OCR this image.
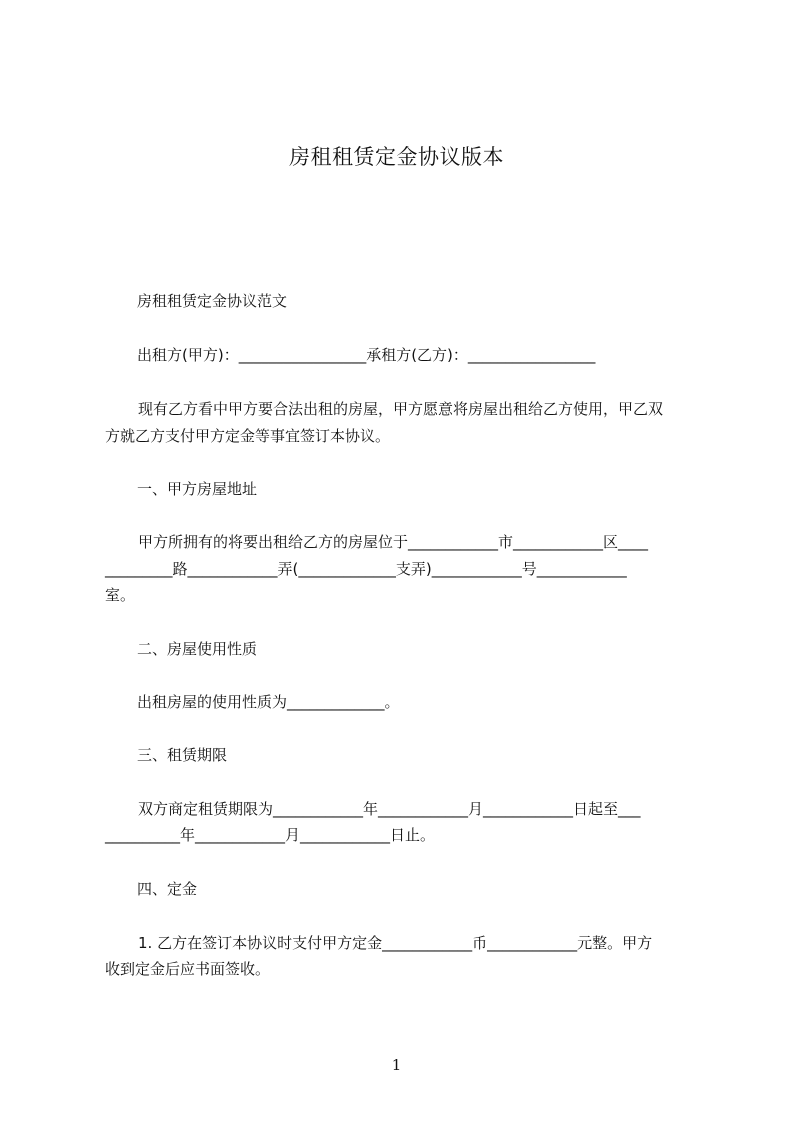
房租租赁定金协议版本
房租租赁定金协议范文
出租方(甲方)：_________________承租方(乙方)：_________________
现有乙方看中甲方要合法出租的房屋，甲方愿意将房屋出租给乙方使用，甲乙双
方就乙方支付甲方定金等事宜签订本协议。
一、甲方房屋地址
甲方所拥有的将要出租给乙方的房屋位于____________市____________区____
_________路____________弄(_____________支弄)____________号____________
室。
二、房屋使用性质
出租房屋的使用性质为_____________。
三、租赁期限
双方商定租赁期限为____________年____________月____________日起至___
__________年____________月____________日止。
四、定金
1. 乙方在签订本协议时支付甲方定金____________币____________元整。甲方
收到定金后应书面签收。
1
